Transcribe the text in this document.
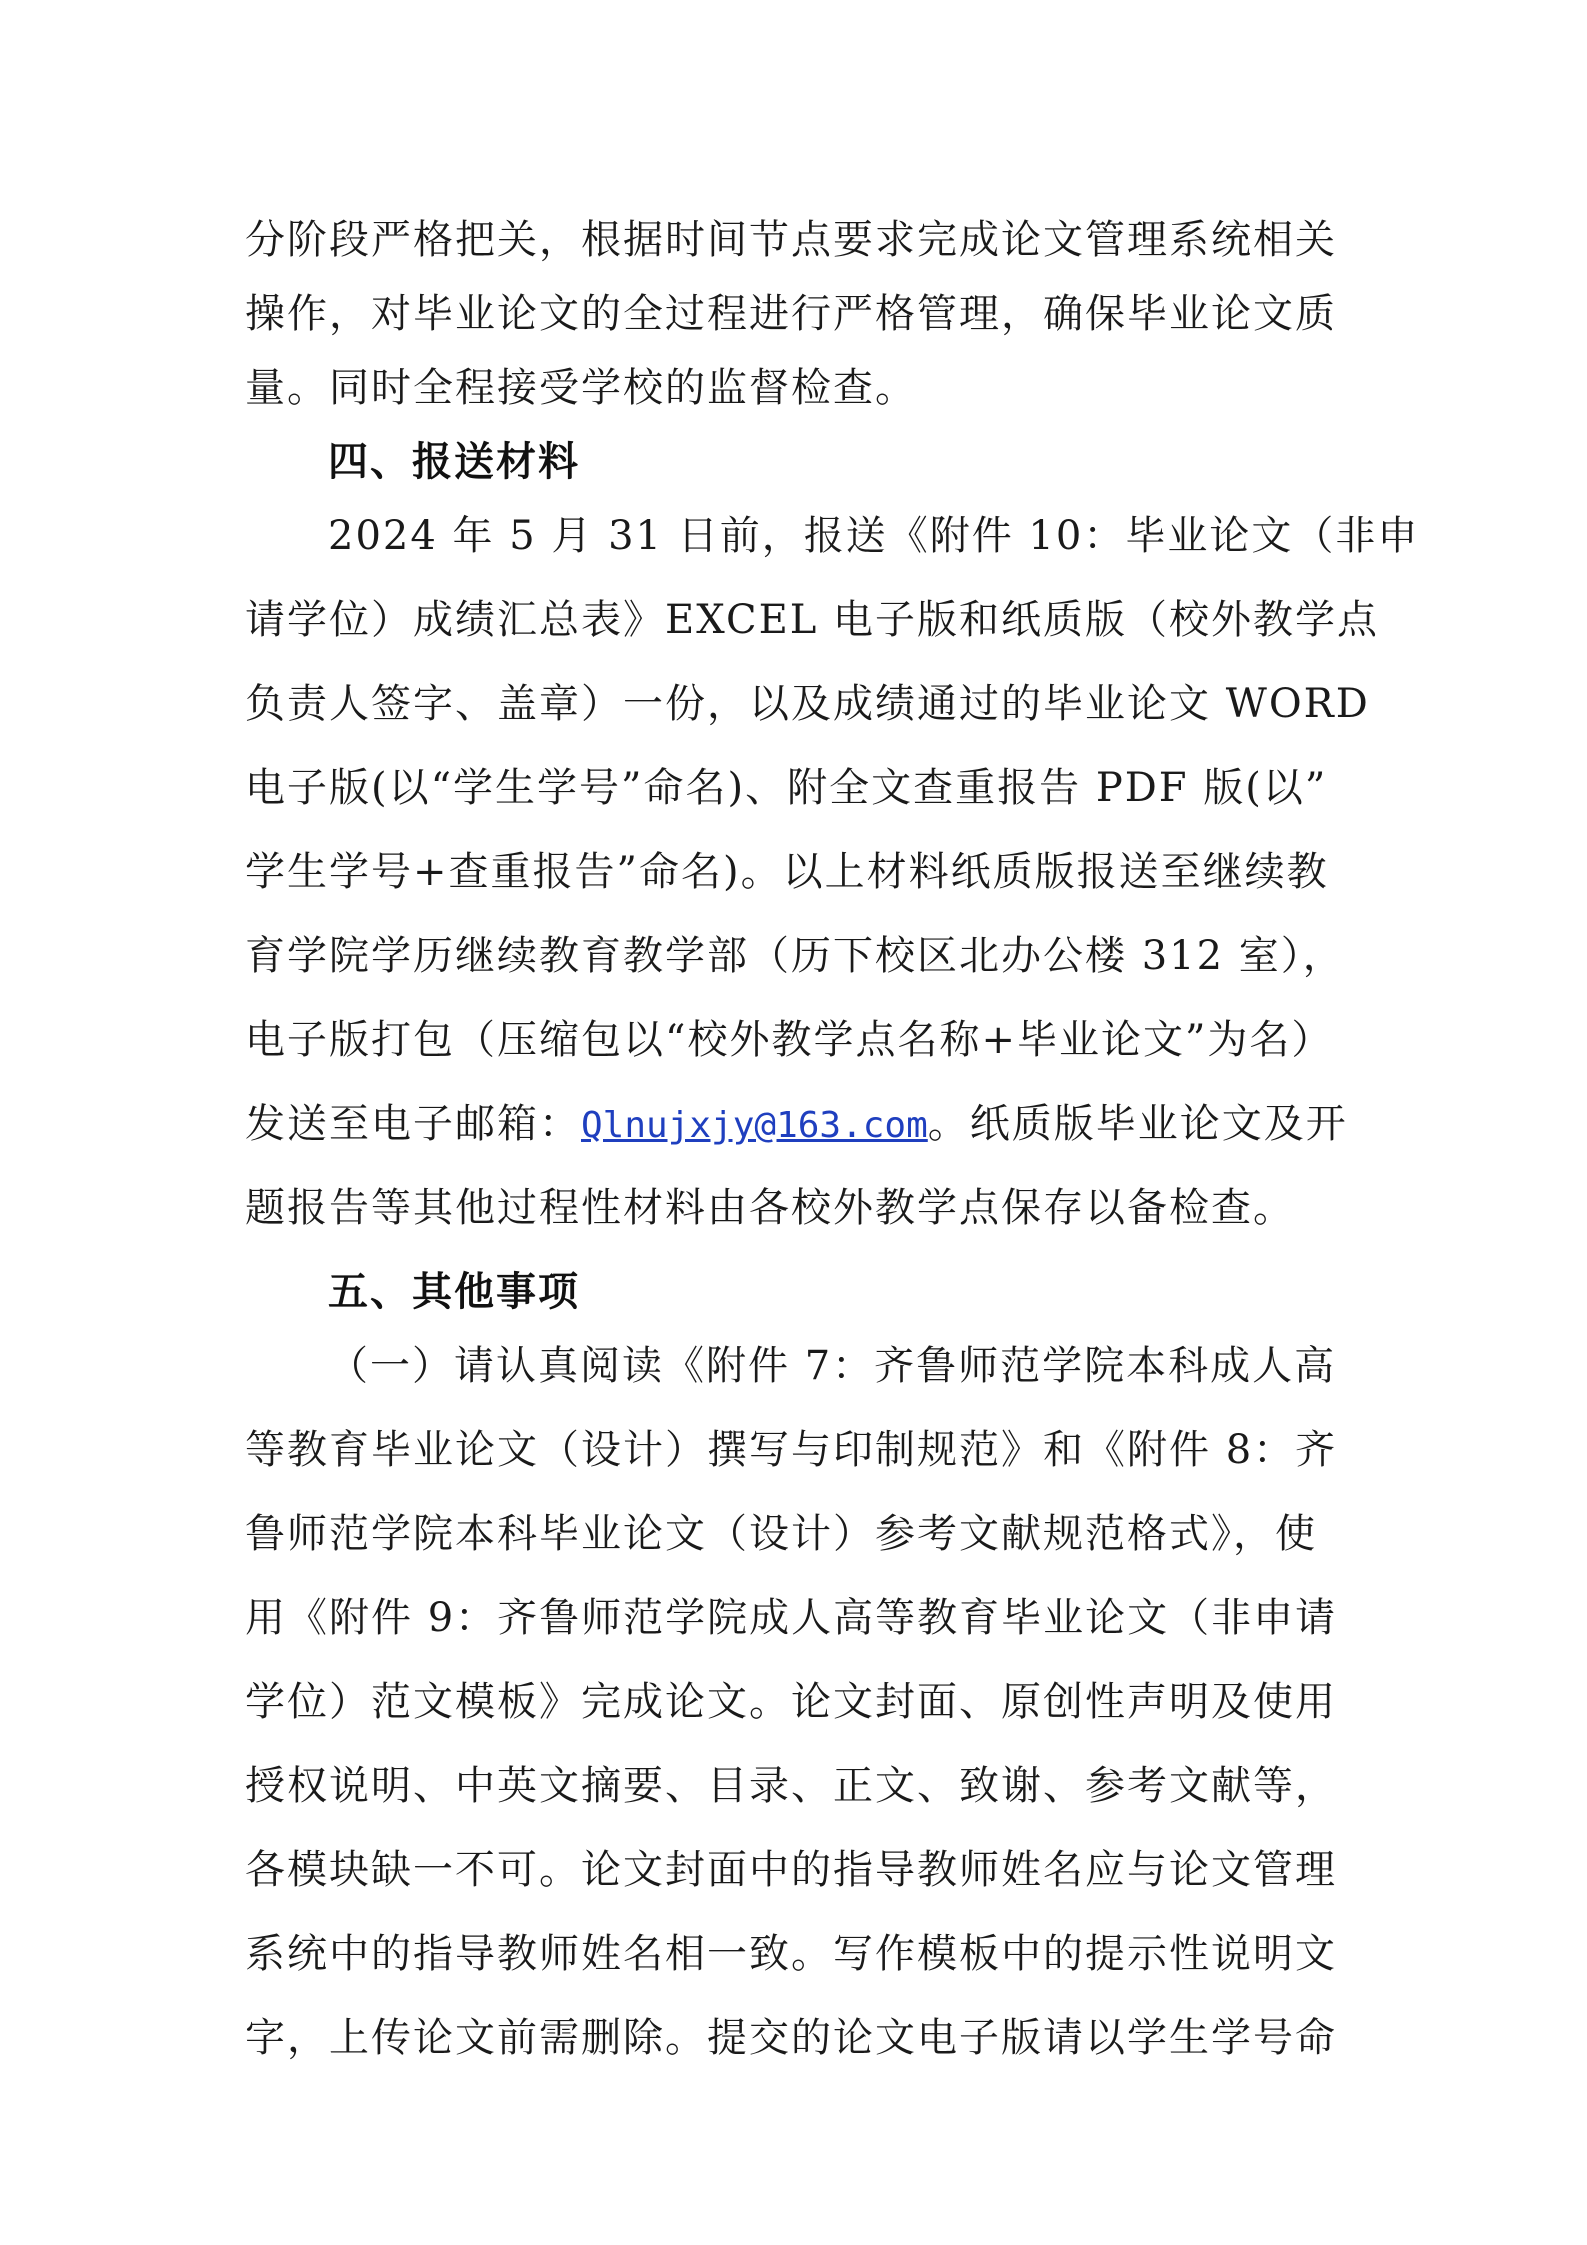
分阶段严格把关，根据时间节点要求完成论文管理系统相关
操作，对毕业论文的全过程进行严格管理，确保毕业论文质
量。同时全程接受学校的监督检查。
四、报送材料
2024 年 5 月 31 日前，报送《附件 10：毕业论文（非申
请学位）成绩汇总表》EXCEL 电子版和纸质版（校外教学点
负责人签字、盖章）一份，以及成绩通过的毕业论文 WORD
电子版(以“学生学号”命名)、附全文查重报告 PDF 版(以”
学生学号+查重报告”命名)。以上材料纸质版报送至继续教
育学院学历继续教育教学部（历下校区北办公楼 312 室），
电子版打包（压缩包以“校外教学点名称+毕业论文”为名）
发送至电子邮箱：Qlnujxjy@163.com。纸质版毕业论文及开
题报告等其他过程性材料由各校外教学点保存以备检查。
五、其他事项
（一）请认真阅读《附件 7：齐鲁师范学院本科成人高
等教育毕业论文（设计）撰写与印制规范》和《附件 8：齐
鲁师范学院本科毕业论文（设计）参考文献规范格式》，使
用《附件 9：齐鲁师范学院成人高等教育毕业论文（非申请
学位）范文模板》完成论文。论文封面、原创性声明及使用
授权说明、中英文摘要、目录、正文、致谢、参考文献等，
各模块缺一不可。论文封面中的指导教师姓名应与论文管理
系统中的指导教师姓名相一致。写作模板中的提示性说明文
字，上传论文前需删除。提交的论文电子版请以学生学号命
